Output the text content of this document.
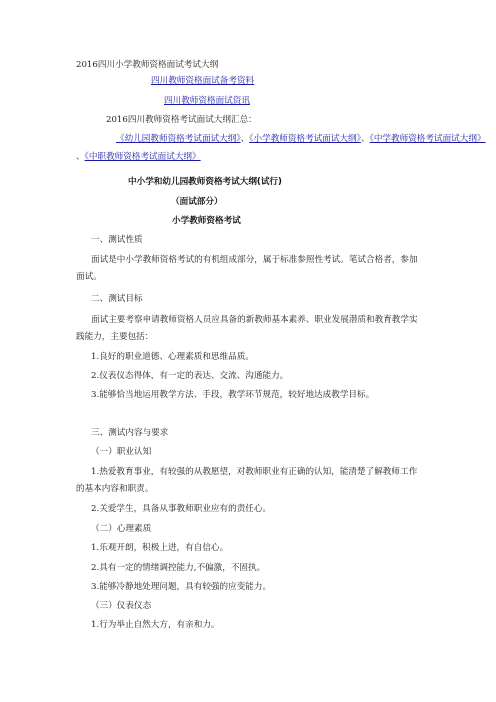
2016四川小学教师资格面试考试大纲
四川教师资格面试备考资料
四川教师资格面试资讯
2016四川教师资格考试面试大纲汇总：
《幼儿园教师资格考试面试大纲》、《小学教师资格考试面试大纲》、《中学教师资格考试面试大纲》
、《中职教师资格考试面试大纲》
中小学和幼儿园教师资格考试大纲(试行)
（面试部分）
小学教师资格考试
一、测试性质
面试是中小学教师资格考试的有机组成部分，属于标准参照性考试。笔试合格者，参加面试。
二、测试目标
面试主要考察申请教师资格人员应具备的新教师基本素养、职业发展潜质和教育教学实践能力，主要包括：
1.良好的职业道德、心理素质和思维品质。
2.仪表仪态得体，有一定的表达、交流、沟通能力。
3.能够恰当地运用教学方法、手段，教学环节规范，较好地达成教学目标。
三、测试内容与要求
（一）职业认知
1.热爱教育事业，有较强的从教愿望，对教师职业有正确的认知，能清楚了解教师工作的基本内容和职责。
2.关爱学生，具备从事教师职业应有的责任心。
（二）心理素质
1.乐观开朗，积极上进，有自信心。
2.具有一定的情绪调控能力,不偏激，不固执。
3.能够冷静地处理问题，具有较强的应变能力。
（三）仪表仪态
1.行为举止自然大方，有亲和力。
